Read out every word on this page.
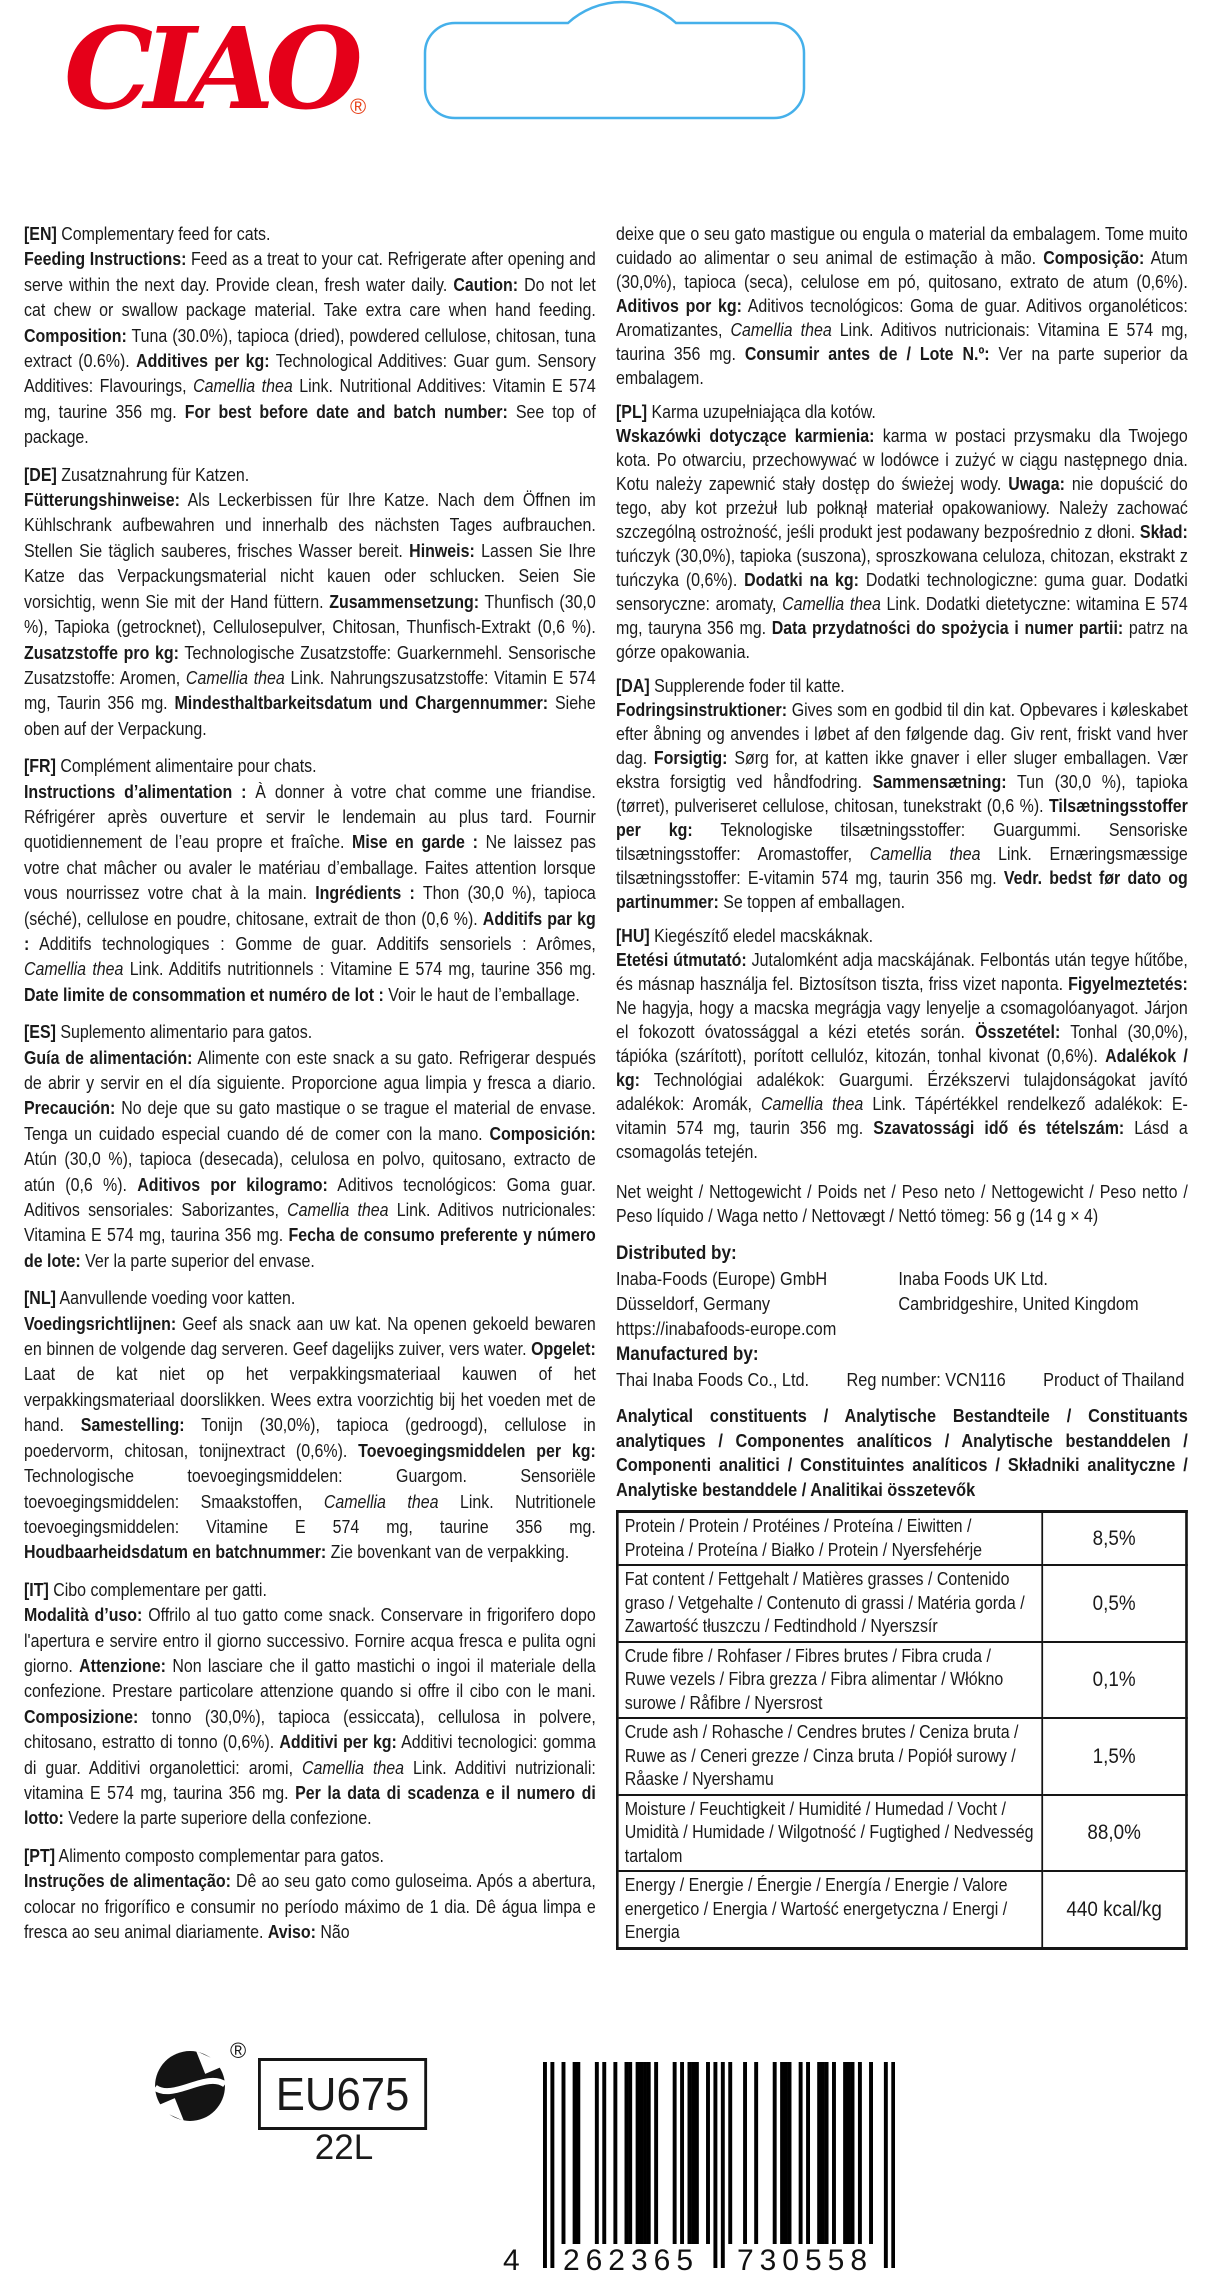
CIAO
®
[EN] Complementary feed for cats.
Feeding Instructions: Feed as a treat to your cat. Refrigerate after opening and serve within the next day. Provide clean, fresh water daily. Caution: Do not let cat chew or swallow package material. Take extra care when hand feeding. Composition: Tuna (30.0%), tapioca (dried), powdered cellulose, chitosan, tuna extract (0.6%). Additives per kg: Technological Additives: Guar gum. Sensory Additives: Flavourings, Camellia thea Link. Nutritional Additives: Vitamin E 574 mg, taurine 356 mg. For best before date and batch number: See top of package.
[DE] Zusatznahrung für Katzen.
Fütterungshinweise: Als Leckerbissen für Ihre Katze. Nach dem Öffnen im Kühlschrank aufbewahren und innerhalb des nächsten Tages aufbrauchen. Stellen Sie täglich sauberes, frisches Wasser bereit. Hinweis: Lassen Sie Ihre Katze das Verpackungsmaterial nicht kauen oder schlucken. Seien Sie vorsichtig, wenn Sie mit der Hand füttern. Zusammensetzung: Thunfisch (30,0 %), Tapioka (getrocknet), Cellulosepulver, Chitosan, Thunfisch-Extrakt (0,6 %). Zusatzstoffe pro kg: Technologische Zusatzstoffe: Guarkernmehl. Sensorische Zusatzstoffe: Aromen, Camellia thea Link. Nahrungszusatzstoffe: Vitamin E 574 mg, Taurin 356 mg. Mindesthaltbarkeitsdatum und Chargennummer: Siehe oben auf der Verpackung.
[FR] Complément alimentaire pour chats.
Instructions d’alimentation : À donner à votre chat comme une friandise. Réfrigérer après ouverture et servir le lendemain au plus tard. Fournir quotidiennement de l’eau propre et fraîche. Mise en garde : Ne laissez pas votre chat mâcher ou avaler le matériau d’emballage. Faites attention lorsque vous nourrissez votre chat à la main. Ingrédients : Thon (30,0 %), tapioca (séché), cellulose en poudre, chitosane, extrait de thon (0,6 %). Additifs par kg : Additifs technologiques : Gomme de guar. Additifs sensoriels : Arômes, Camellia thea Link. Additifs nutritionnels : Vitamine E 574 mg, taurine 356 mg. Date limite de consommation et numéro de lot : Voir le haut de l’emballage.
[ES] Suplemento alimentario para gatos.
Guía de alimentación: Alimente con este snack a su gato. Refrigerar después de abrir y servir en el día siguiente. Proporcione agua limpia y fresca a diario. Precaución: No deje que su gato mastique o se trague el material de envase. Tenga un cuidado especial cuando dé de comer con la mano. Composición: Atún (30,0 %), tapioca (desecada), celulosa en polvo, quitosano, extracto de atún (0,6 %). Aditivos por kilogramo: Aditivos tecnológicos: Goma guar. Aditivos sensoriales: Saborizantes, Camellia thea Link. Aditivos nutricionales: Vitamina E 574 mg, taurina 356 mg. Fecha de consumo preferente y número de lote: Ver la parte superior del envase.
[NL] Aanvullende voeding voor katten.
Voedingsrichtlijnen: Geef als snack aan uw kat. Na openen gekoeld bewaren en binnen de volgende dag serveren. Geef dagelijks zuiver, vers water. Opgelet: Laat de kat niet op het verpakkingsmateriaal kauwen of het verpakkingsmateriaal doorslikken. Wees extra voorzichtig bij het voeden met de hand. Samestelling: Tonijn (30,0%), tapioca (gedroogd), cellulose in poedervorm, chitosan, tonijnextract (0,6%). Toevoegingsmiddelen per kg: Technologische toevoegingsmiddelen: Guargom. Sensoriële toevoegingsmiddelen: Smaakstoffen, Camellia thea Link. Nutritionele toevoegingsmiddelen: Vitamine E 574 mg, taurine 356 mg. Houdbaarheidsdatum en batchnummer: Zie bovenkant van de verpakking.
[IT] Cibo complementare per gatti.
Modalità d’uso: Offrilo al tuo gatto come snack. Conservare in frigorifero dopo l'apertura e servire entro il giorno successivo. Fornire acqua fresca e pulita ogni giorno. Attenzione: Non lasciare che il gatto mastichi o ingoi il materiale della confezione. Prestare particolare attenzione quando si offre il cibo con le mani. Composizione: tonno (30,0%), tapioca (essiccata), cellulosa in polvere, chitosano, estratto di tonno (0,6%). Additivi per kg: Additivi tecnologici: gomma di guar. Additivi organolettici: aromi, Camellia thea Link. Additivi nutrizionali: vitamina E 574 mg, taurina 356 mg. Per la data di scadenza e il numero di lotto: Vedere la parte superiore della confezione.
[PT] Alimento composto complementar para gatos.
Instruções de alimentação: Dê ao seu gato como guloseima. Após a abertura, colocar no frigorífico e consumir no período máximo de 1 dia. Dê água limpa e fresca ao seu animal diariamente. Aviso: Não
deixe que o seu gato mastigue ou engula o material da embalagem. Tome muito cuidado ao alimentar o seu animal de estimação à mão. Composição: Atum (30,0%), tapioca (seca), celulose em pó, quitosano, extrato de atum (0,6%). Aditivos por kg: Aditivos tecnológicos: Goma de guar. Aditivos organoléticos: Aromatizantes, Camellia thea Link. Aditivos nutricionais: Vitamina E 574 mg, taurina 356 mg. Consumir antes de / Lote N.º: Ver na parte superior da embalagem.
[PL] Karma uzupełniająca dla kotów.
Wskazówki dotyczące karmienia: karma w postaci przysmaku dla Twojego kota. Po otwarciu, przechowywać w lodówce i zużyć w ciągu następnego dnia. Kotu należy zapewnić stały dostęp do świeżej wody. Uwaga: nie dopuścić do tego, aby kot przeżuł lub połknął materiał opakowaniowy. Należy zachować szczególną ostrożność, jeśli produkt jest podawany bezpośrednio z dłoni. Skład: tuńczyk (30,0%), tapioka (suszona), sproszkowana celuloza, chitozan, ekstrakt z tuńczyka (0,6%). Dodatki na kg: Dodatki technologiczne: guma guar. Dodatki sensoryczne: aromaty, Camellia thea Link. Dodatki dietetyczne: witamina E 574 mg, tauryna 356 mg. Data przydatności do spożycia i numer partii: patrz na górze opakowania.
[DA] Supplerende foder til katte.
Fodringsinstruktioner: Gives som en godbid til din kat. Opbevares i køleskabet efter åbning og anvendes i løbet af den følgende dag. Giv rent, friskt vand hver dag. Forsigtig: Sørg for, at katten ikke gnaver i eller sluger emballagen. Vær ekstra forsigtig ved håndfodring. Sammensætning: Tun (30,0 %), tapioka (tørret), pulveriseret cellulose, chitosan, tunekstrakt (0,6 %). Tilsætningsstoffer per kg: Teknologiske tilsætningsstoffer: Guargummi. Sensoriske tilsætningsstoffer: Aromastoffer, Camellia thea Link. Ernæringsmæssige tilsætningsstoffer: E-vitamin 574 mg, taurin 356 mg. Vedr. bedst før dato og partinummer: Se toppen af emballagen.
[HU] Kiegészítő eledel macskáknak.
Etetési útmutató: Jutalomként adja macskájának. Felbontás után tegye hűtőbe, és másnap használja fel. Biztosítson tiszta, friss vizet naponta. Figyelmeztetés: Ne hagyja, hogy a macska megrágja vagy lenyelje a csomagolóanyagot. Járjon el fokozott óvatossággal a kézi etetés során. Összetétel: Tonhal (30,0%), tápióka (szárított), porított cellulóz, kitozán, tonhal kivonat (0,6%). Adalékok / kg: Technológiai adalékok: Guargumi. Érzékszervi tulajdonságokat javító adalékok: Aromák, Camellia thea Link. Tápértékkel rendelkező adalékok: E-vitamin 574 mg, taurin 356 mg. Szavatossági idő és tételszám: Lásd a csomagolás tetején.
Net weight / Nettogewicht / Poids net / Peso neto / Nettogewicht / Peso netto / Peso líquido / Waga netto / Nettovægt / Nettó tömeg: 56 g (14 g × 4)
Distributed by:
Inaba-Foods (Europe) GmbH
Düsseldorf, Germany
https://inabafoods-europe.com
Inaba Foods UK Ltd.
Cambridgeshire, United Kingdom
Manufactured by:
Thai Inaba Foods Co., Ltd. Reg number: VCN116 Product of Thailand
Analytical constituents / Analytische Bestandteile / Constituants analytiques / Componentes analíticos / Analytische bestanddelen / Componenti analitici / Constituintes analíticos / Składniki analityczne / Analytiske bestanddele / Analitikai összetevők
Protein / Protein / Protéines / Proteína / Eiwitten / Proteina / Proteína / Białko / Protein / Nyersfehérje	8,5%
Fat content / Fettgehalt / Matières grasses / Contenido graso / Vetgehalte / Contenuto di grassi / Matéria gorda / Zawartość tłuszczu / Fedtindhold / Nyerszsír	0,5%
Crude fibre / Rohfaser / Fibres brutes / Fibra cruda / Ruwe vezels / Fibra grezza / Fibra alimentar / Włókno surowe / Råfibre / Nyersrost	0,1%
Crude ash / Rohasche / Cendres brutes / Ceniza bruta / Ruwe as / Ceneri grezze / Cinza bruta / Popiół surowy / Råaske / Nyershamu	1,5%
Moisture / Feuchtigkeit / Humidité / Humedad / Vocht / Umidità / Humidade / Wilgotność / Fugtighed / Nedvesség tartalom	88,0%
Energy / Energie / Énergie / Energía / Energie / Valore energetico / Energia / Wartość energetyczna / Energi / Energia	440 kcal/kg
®
EU675
22L
4 262365 730558
